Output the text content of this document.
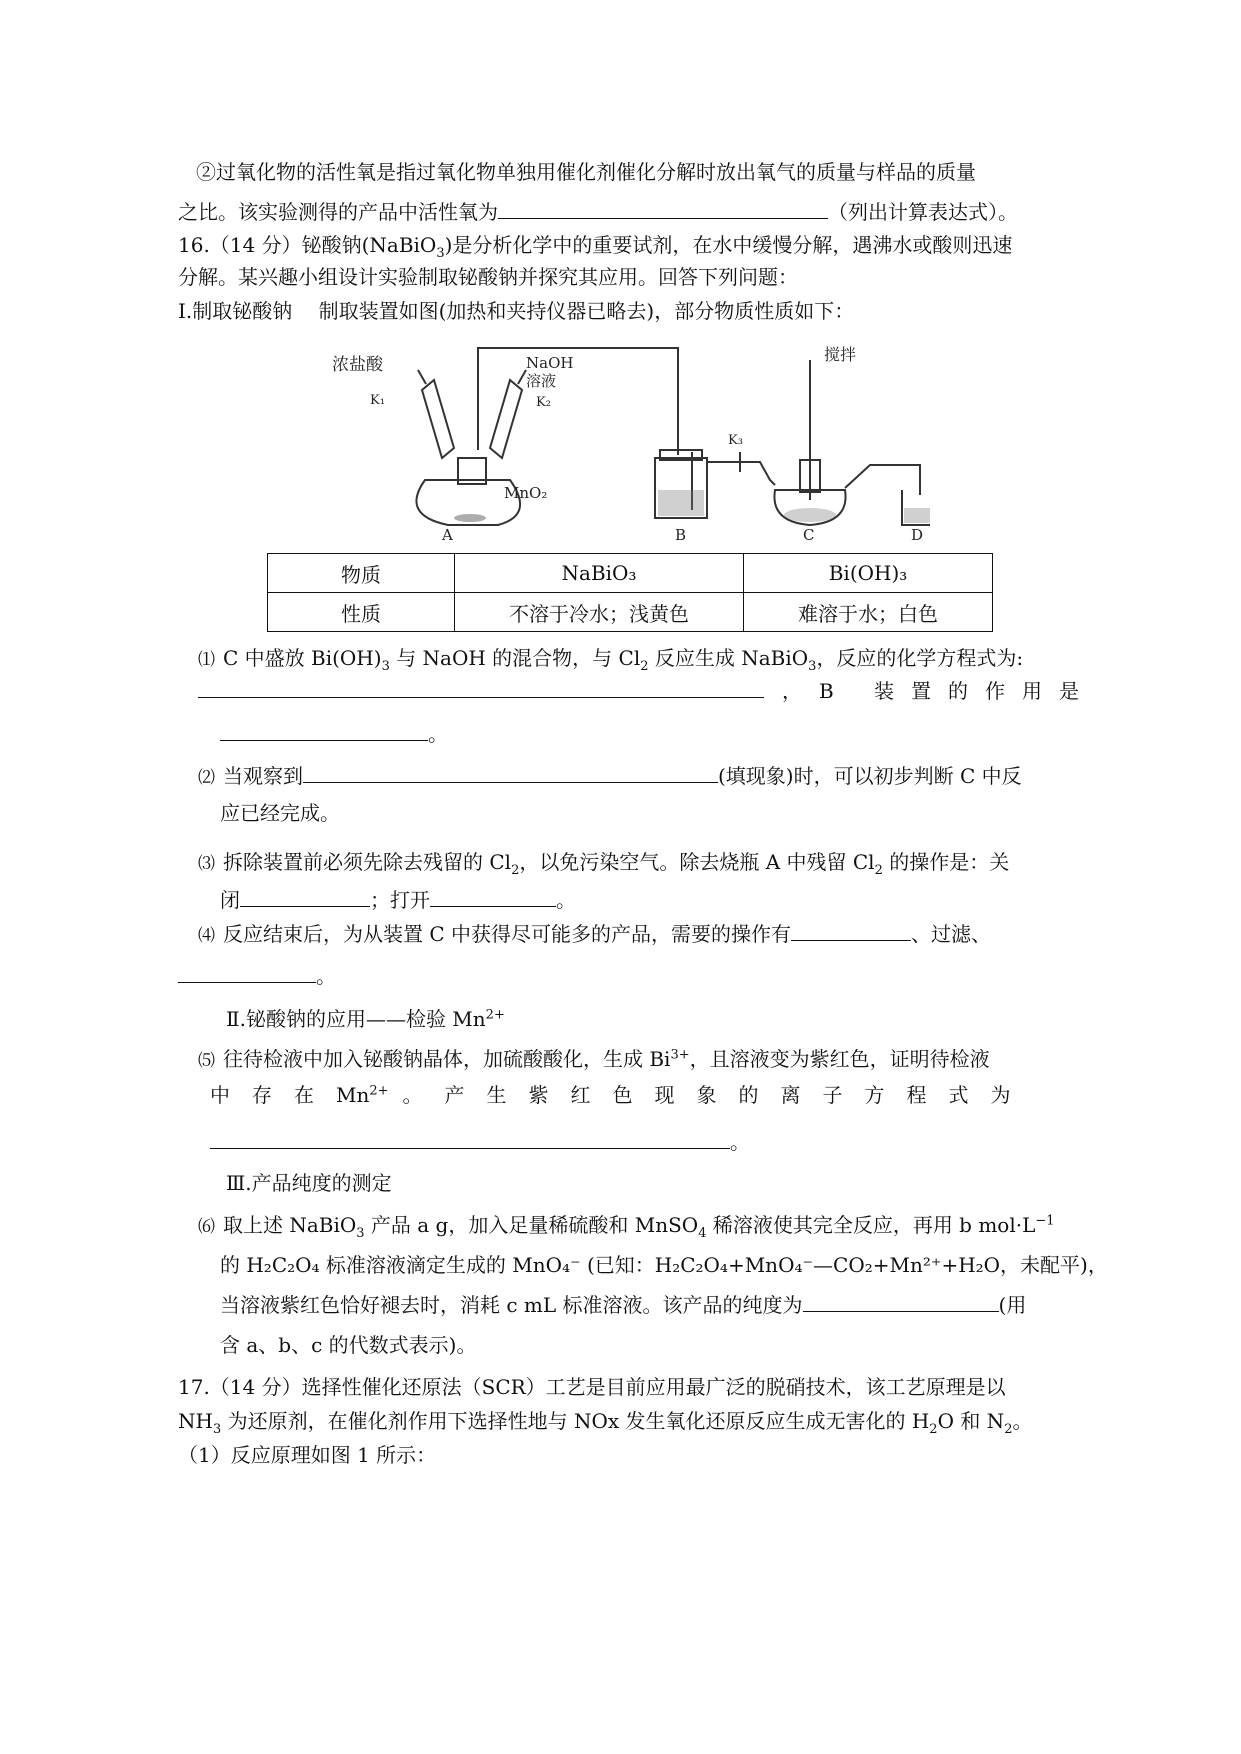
②过氧化物的活性氧是指过氧化物单独用催化剂催化分解时放出氧气的质量与样品的质量
之比。该实验测得的产品中活性氧为	（列出计算表达式）。
16.（14 分）铋酸钠(NaBiO$_3$)是分析化学中的重要试剂，在水中缓慢分解，遇沸水或酸则迅速
分解。某兴趣小组设计实验制取铋酸钠并探究其应用。回答下列问题：
Ⅰ.制取铋酸钠　 制取装置如图(加热和夹持仪器已略去)，部分物质性质如下：
浓盐酸
K₁
NaOH
溶液
K₂
MnO₂
K₃
搅拌
A	B	C	D
物质	NaBiO₃	Bi(OH)₃
性质	不溶于冷水；浅黄色	难溶于水；白色
⑴ C 中盛放 $Bi(OH)_3$ 与 NaOH 的混合物，与 $Cl_2$ 反应生成 NaBiO$_3$，反应的化学方程式为:
，B 装置的作用是
。
⑵ 当观察到	(填现象)时，可以初步判断 C 中反
应已经完成。
⑶ 拆除装置前必须先除去残留的 $Cl_2$，以免污染空气。除去烧瓶 A 中残留 $Cl_2$ 的操作是：关
闭	；打开	。
⑷ 反应结束后，为从装置 C 中获得尽可能多的产品，需要的操作有	、过滤、
。
Ⅱ.铋酸钠的应用——检验 $Mn^{2+}$
⑸ 往待检液中加入铋酸钠晶体，加硫酸酸化，生成 $Bi^{3+}$，且溶液变为紫红色，证明待检液
中存在$Mn^{2+}$ 。产生紫红色现象的离子方程式为
。
Ⅲ.产品纯度的测定
⑹ 取上述 NaBiO$_3$ 产品 a g，加入足量稀硫酸和 MnSO$_4$ 稀溶液使其完全反应，再用 b $mol\cdot L^{-1}$
的 H₂C₂O₄ 标准溶液滴定生成的 MnO₄⁻ (已知：H₂C₂O₄+MnO₄⁻—CO₂+Mn²⁺+H₂O，未配平)，
当溶液紫红色恰好褪去时，消耗 c mL 标准溶液。该产品的纯度为	(用
含 a、b、c 的代数式表示)。
17.（14 分）选择性催化还原法（SCR）工艺是目前应用最广泛的脱硝技术，该工艺原理是以
$NH_3$ 为还原剂，在催化剂作用下选择性地与 NOx 发生氧化还原反应生成无害化的 $H_2O$ 和 $N_2$。
（1）反应原理如图 1 所示：
